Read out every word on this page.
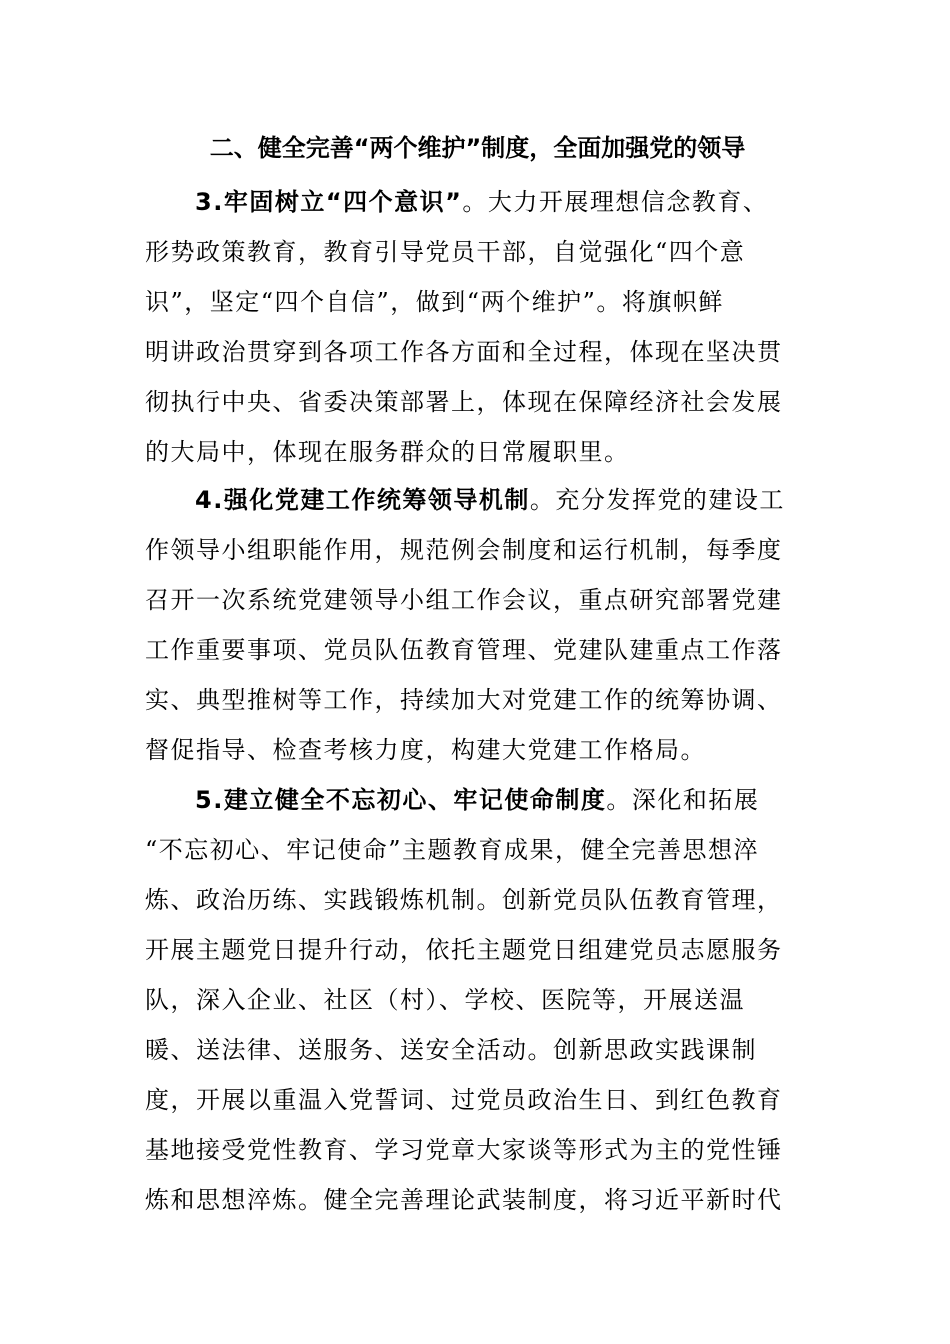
二、健全完善“两个维护”制度，全面加强党的领导

3.牢固树立“四个意识”。大力开展理想信念教育、

形势政策教育，教育引导党员干部，自觉强化“四个意

识”，坚定“四个自信”，做到“两个维护”。将旗帜鲜

明讲政治贯穿到各项工作各方面和全过程，体现在坚决贯

彻执行中央、省委决策部署上，体现在保障经济社会发展

的大局中，体现在服务群众的日常履职里。

4.强化党建工作统筹领导机制。充分发挥党的建设工

作领导小组职能作用，规范例会制度和运行机制，每季度

召开一次系统党建领导小组工作会议，重点研究部署党建

工作重要事项、党员队伍教育管理、党建队建重点工作落

实、典型推树等工作，持续加大对党建工作的统筹协调、

督促指导、检查考核力度，构建大党建工作格局。

5.建立健全不忘初心、牢记使命制度。深化和拓展

“不忘初心、牢记使命”主题教育成果，健全完善思想淬

炼、政治历练、实践锻炼机制。创新党员队伍教育管理，

开展主题党日提升行动，依托主题党日组建党员志愿服务

队，深入企业、社区（村）、学校、医院等，开展送温

暖、送法律、送服务、送安全活动。创新思政实践课制

度，开展以重温入党誓词、过党员政治生日、到红色教育

基地接受党性教育、学习党章大家谈等形式为主的党性锤

炼和思想淬炼。健全完善理论武装制度，将习近平新时代
